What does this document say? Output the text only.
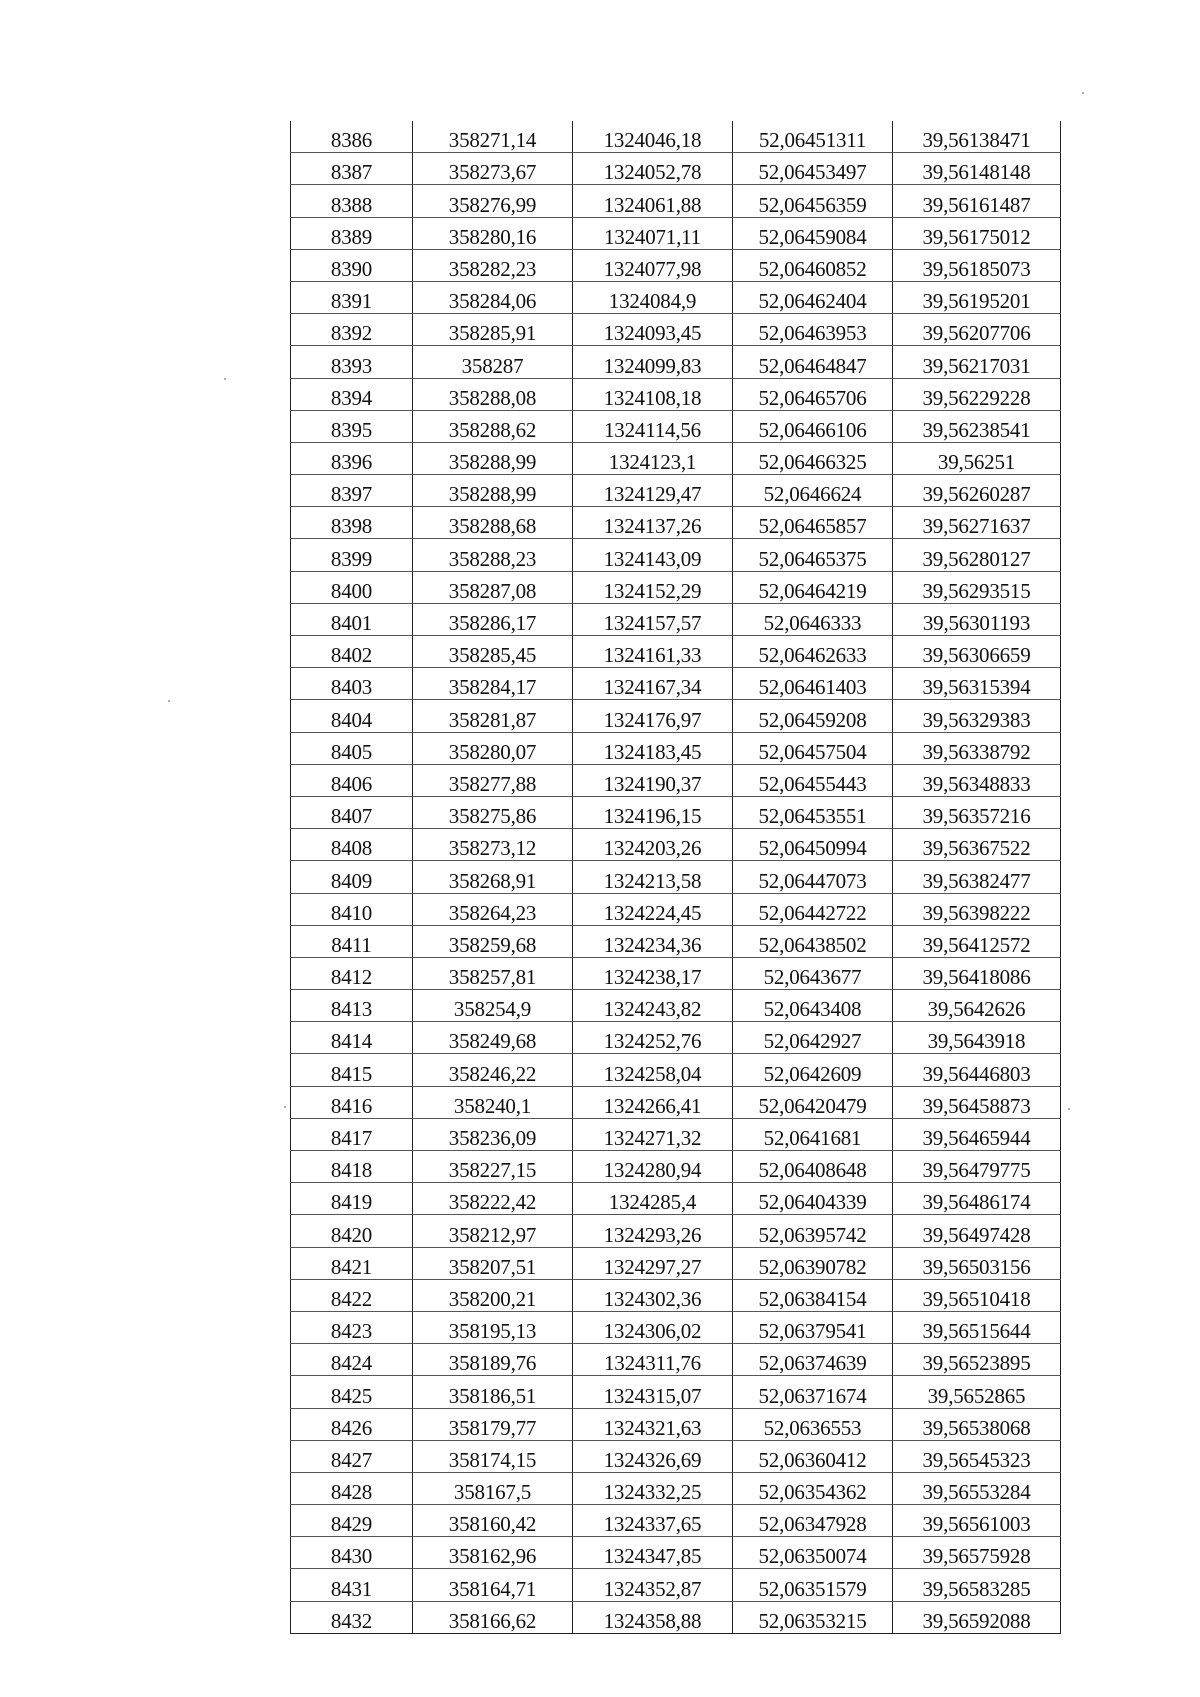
8386	358271,14	1324046,18	52,06451311	39,56138471
8387	358273,67	1324052,78	52,06453497	39,56148148
8388	358276,99	1324061,88	52,06456359	39,56161487
8389	358280,16	1324071,11	52,06459084	39,56175012
8390	358282,23	1324077,98	52,06460852	39,56185073
8391	358284,06	1324084,9	52,06462404	39,56195201
8392	358285,91	1324093,45	52,06463953	39,56207706
8393	358287	1324099,83	52,06464847	39,56217031
8394	358288,08	1324108,18	52,06465706	39,56229228
8395	358288,62	1324114,56	52,06466106	39,56238541
8396	358288,99	1324123,1	52,06466325	39,56251
8397	358288,99	1324129,47	52,0646624	39,56260287
8398	358288,68	1324137,26	52,06465857	39,56271637
8399	358288,23	1324143,09	52,06465375	39,56280127
8400	358287,08	1324152,29	52,06464219	39,56293515
8401	358286,17	1324157,57	52,0646333	39,56301193
8402	358285,45	1324161,33	52,06462633	39,56306659
8403	358284,17	1324167,34	52,06461403	39,56315394
8404	358281,87	1324176,97	52,06459208	39,56329383
8405	358280,07	1324183,45	52,06457504	39,56338792
8406	358277,88	1324190,37	52,06455443	39,56348833
8407	358275,86	1324196,15	52,06453551	39,56357216
8408	358273,12	1324203,26	52,06450994	39,56367522
8409	358268,91	1324213,58	52,06447073	39,56382477
8410	358264,23	1324224,45	52,06442722	39,56398222
8411	358259,68	1324234,36	52,06438502	39,56412572
8412	358257,81	1324238,17	52,0643677	39,56418086
8413	358254,9	1324243,82	52,0643408	39,5642626
8414	358249,68	1324252,76	52,0642927	39,5643918
8415	358246,22	1324258,04	52,0642609	39,56446803
8416	358240,1	1324266,41	52,06420479	39,56458873
8417	358236,09	1324271,32	52,0641681	39,56465944
8418	358227,15	1324280,94	52,06408648	39,56479775
8419	358222,42	1324285,4	52,06404339	39,56486174
8420	358212,97	1324293,26	52,06395742	39,56497428
8421	358207,51	1324297,27	52,06390782	39,56503156
8422	358200,21	1324302,36	52,06384154	39,56510418
8423	358195,13	1324306,02	52,06379541	39,56515644
8424	358189,76	1324311,76	52,06374639	39,56523895
8425	358186,51	1324315,07	52,06371674	39,5652865
8426	358179,77	1324321,63	52,0636553	39,56538068
8427	358174,15	1324326,69	52,06360412	39,56545323
8428	358167,5	1324332,25	52,06354362	39,56553284
8429	358160,42	1324337,65	52,06347928	39,56561003
8430	358162,96	1324347,85	52,06350074	39,56575928
8431	358164,71	1324352,87	52,06351579	39,56583285
8432	358166,62	1324358,88	52,06353215	39,56592088
